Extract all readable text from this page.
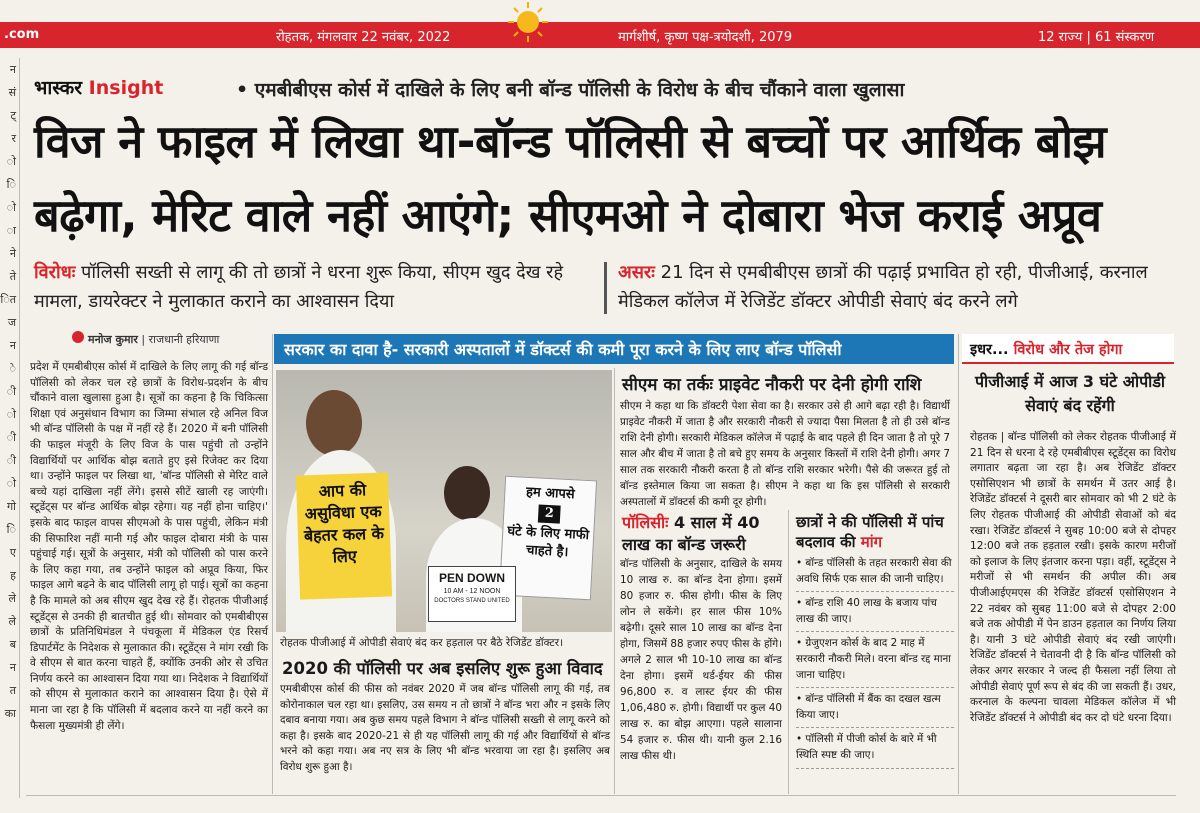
.com	रोहतक, मंगलवार 22 नवंबर, 2022	मार्गशीर्ष, कृष्ण पक्ष-त्रयोदशी, 2079	12 राज्य | 61 संस्करण
न
सं
ट्
र
ो
ि
ो
ा
ने
ते
ित
ज
न
े
ी
ो
ी
ी
ो
गो
ि
ए
ह
ले
ले
ब
न
त
का
भास्कर Insight	• एमबीबीएस कोर्स में दाखिले के लिए बनी बॉन्ड पॉलिसी के विरोध के बीच चौंकाने वाला खुलासा
विज ने फाइल में लिखा था-बॉन्ड पॉलिसी से बच्चों पर आर्थिक बोझ
बढ़ेगा, मेरिट वाले नहीं आएंगे; सीएमओ ने दोबारा भेज कराई अप्रूव
विरोधः पॉलिसी सख्ती से लागू की तो छात्रों ने धरना शुरू किया, सीएम खुद देख रहे मामला, डायरेक्टर ने मुलाकात कराने का आश्वासन दिया
असरः 21 दिन से एमबीबीएस छात्रों की पढ़ाई प्रभावित हो रही, पीजीआई, करनाल मेडिकल कॉलेज में रेजिडेंट डॉक्टर ओपीडी सेवाएं बंद करने लगे
मनोज कुमार | राजधानी हरियाणा
प्रदेश में एमबीबीएस कोर्स में दाखिले के लिए लागू की गई बॉन्ड पॉलिसी को लेकर चल रहे छात्रों के विरोध-प्रदर्शन के बीच चौंकाने वाला खुलासा हुआ है। सूत्रों का कहना है कि चिकित्सा शिक्षा एवं अनुसंधान विभाग का जिम्मा संभाल रहे अनिल विज भी बॉन्ड पॉलिसी के पक्ष में नहीं रहे हैं। 2020 में बनी पॉलिसी की फाइल मंजूरी के लिए विज के पास पहुंची तो उन्होंने विद्यार्थियों पर आर्थिक बोझ बताते हुए इसे रिजेक्ट कर दिया था। उन्होंने फाइल पर लिखा था, 'बॉन्ड पॉलिसी से मेरिट वाले बच्चे यहां दाखिला नहीं लेंगे। इससे सीटें खाली रह जाएंगी। स्टूडेंट्स पर बॉन्ड आर्थिक बोझ रहेगा। यह नहीं होना चाहिए।' इसके बाद फाइल वापस सीएमओ के पास पहुंची, लेकिन मंत्री की सिफारिश नहीं मानी गई और फाइल दोबारा मंत्री के पास पहुंचाई गई। सूत्रों के अनुसार, मंत्री को पॉलिसी को पास करने के लिए कहा गया, तब उन्होंने फाइल को अप्रूव किया, फिर फाइल आगे बढ़ने के बाद पॉलिसी लागू हो पाई। सूत्रों का कहना है कि मामले को अब सीएम खुद देख रहे हैं। रोहतक पीजीआई स्टूडेंट्स से उनकी ही बातचीत हुई थी। सोमवार को एमबीबीएस छात्रों के प्रतिनिधिमंडल ने पंचकूला में मेडिकल एंड रिसर्च डिपार्टमेंट के निदेशक से मुलाकात की। स्टूडेंट्स ने मांग रखी कि वे सीएम से बात करना चाहते हैं, क्योंकि उनकी ओर से उचित निर्णय करने का आश्वासन दिया गया था। निदेशक ने विद्यार्थियों को सीएम से मुलाकात कराने का आश्वासन दिया है। ऐसे में माना जा रहा है कि पॉलिसी में बदलाव करने या नहीं करने का फैसला मुख्यमंत्री ही लेंगे।
सरकार का दावा है- सरकारी अस्पतालों में डॉक्टर्स की कमी पूरा करने के लिए लाए बॉन्ड पॉलिसी
आप की असुविधा एक बेहतर कल के लिए
हम आपसे
2
घंटे के लिए माफी चाहते है।
PEN DOWN
10 AM - 12 NOON
DOCTORS STAND UNITED
रोहतक पीजीआई में ओपीडी सेवाएं बंद कर हड़ताल पर बैठे रेजिडेंट डॉक्टर।
2020 की पॉलिसी पर अब इसलिए शुरू हुआ विवाद
एमबीबीएस कोर्स की फीस को नवंबर 2020 में जब बॉन्ड पॉलिसी लागू की गई, तब कोरोनाकाल चल रहा था। इसलिए, उस समय न तो छात्रों ने बॉन्ड भरा और न इसके लिए दबाव बनाया गया। अब कुछ समय पहले विभाग ने बॉन्ड पॉलिसी सख्ती से लागू करने को कहा है। इसके बाद 2020-21 से ही यह पॉलिसी लागू की गई और विद्यार्थियों से बॉन्ड भरने को कहा गया। अब नए सत्र के लिए भी बॉन्ड भरवाया जा रहा है। इसलिए अब विरोध शुरू हुआ है।
सीएम का तर्कः प्राइवेट नौकरी पर देनी होगी राशि
सीएम ने कहा था कि डॉक्टरी पेशा सेवा का है। सरकार उसे ही आगे बढ़ा रही है। विद्यार्थी प्राइवेट नौकरी में जाता है और सरकारी नौकरी से ज्यादा पैसा मिलता है तो ही उसे बॉन्ड राशि देनी होगी। सरकारी मेडिकल कॉलेज में पढ़ाई के बाद पहले ही दिन जाता है तो पूरे 7 साल और बीच में जाता है तो बचे हुए समय के अनुसार किस्तों में राशि देनी होगी। अगर 7 साल तक सरकारी नौकरी करता है तो बॉन्ड राशि सरकार भरेगी। पैसे की जरूरत हुई तो बॉन्ड इस्तेमाल किया जा सकता है। सीएम ने कहा था कि इस पॉलिसी से सरकारी अस्पतालों में डॉक्टर्स की कमी दूर होगी।
पॉलिसीः 4 साल में 40 लाख का बॉन्ड जरूरी
बॉन्ड पॉलिसी के अनुसार, दाखिले के समय 10 लाख रु. का बॉन्ड देना होगा। इसमें 80 हजार रु. फीस होगी। फीस के लिए लोन ले सकेंगे। हर साल फीस 10% बढ़ेगी। दूसरे साल 10 लाख का बॉन्ड देना होगा, जिसमें 88 हजार रुपए फीस के होंगे। अगले 2 साल भी 10-10 लाख का बॉन्ड देना होगा। इसमें थर्ड-ईयर की फीस 96,800 रु. व लास्ट ईयर की फीस 1,06,480 रु. होगी। विद्यार्थी पर कुल 40 लाख रु. का बोझ आएगा। पहले सालाना 54 हजार रु. फीस थी। यानी कुल 2.16 लाख फीस थी।
छात्रों ने की पॉलिसी में पांच बदलाव की मांग
• बॉन्ड पॉलिसी के तहत सरकारी सेवा की अवधि सिर्फ एक साल की जानी चाहिए।
• बॉन्ड राशि 40 लाख के बजाय पांच लाख की जाए।
• ग्रेजुएशन कोर्स के बाद 2 माह में सरकारी नौकरी मिले। वरना बॉन्ड रद्द माना जाना चाहिए।
• बॉन्ड पॉलिसी में बैंक का दखल खत्म किया जाए।
• पॉलिसी में पीजी कोर्स के बारे में भी स्थिति स्पष्ट की जाए।
इधर... विरोध और तेज होगा
पीजीआई में आज 3 घंटे ओपीडी सेवाएं बंद रहेंगी
रोहतक | बॉन्ड पॉलिसी को लेकर रोहतक पीजीआई में 21 दिन से धरना दे रहे एमबीबीएस स्टूडेंट्स का विरोध लगातार बढ़ता जा रहा है। अब रेजिडेंट डॉक्टर एसोसिएशन भी छात्रों के समर्थन में उतर आई है। रेजिडेंट डॉक्टर्स ने दूसरी बार सोमवार को भी 2 घंटे के लिए रोहतक पीजीआई की ओपीडी सेवाओं को बंद रखा। रेजिडेंट डॉक्टर्स ने सुबह 10:00 बजे से दोपहर 12:00 बजे तक हड़ताल रखी। इसके कारण मरीजों को इलाज के लिए इंतजार करना पड़ा। वहीं, स्टूडेंट्स ने मरीजों से भी समर्थन की अपील की। अब पीजीआईएमएस की रेजिडेंट डॉक्टर्स एसोसिएशन ने 22 नवंबर को सुबह 11:00 बजे से दोपहर 2:00 बजे तक ओपीडी में पेन डाउन हड़ताल का निर्णय लिया है। यानी 3 घंटे ओपीडी सेवाएं बंद रखी जाएंगी। रेजिडेंट डॉक्टर्स ने चेतावनी दी है कि बॉन्ड पॉलिसी को लेकर अगर सरकार ने जल्द ही फैसला नहीं लिया तो ओपीडी सेवाएं पूर्ण रूप से बंद की जा सकती हैं। उधर, करनाल के कल्पना चावला मेडिकल कॉलेज में भी रेजिडेंट डॉक्टर्स ने ओपीडी बंद कर दो घंटे धरना दिया।
